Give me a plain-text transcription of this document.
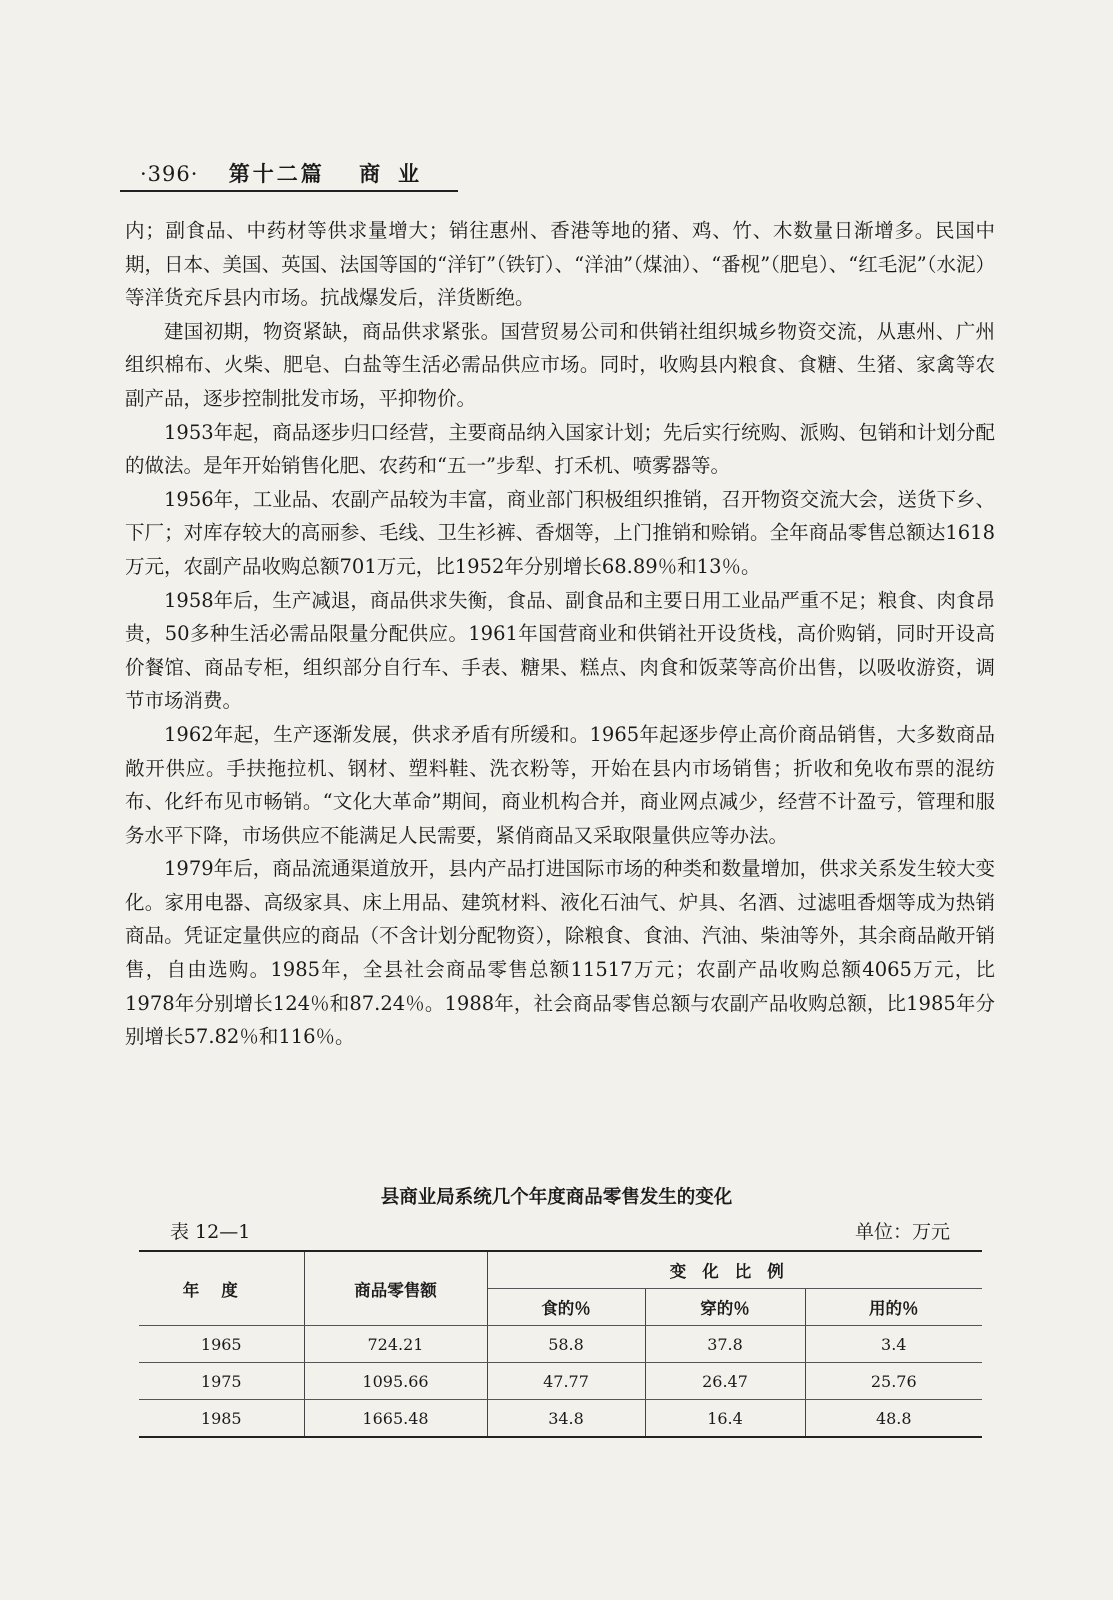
·396· 第十二篇 商业

内；副食品、中药材等供求量增大；销往惠州、香港等地的猪、鸡、竹、木数量日渐增多。民国中期，日本、美国、英国、法国等国的“洋钉”（铁钉）、“洋油”（煤油）、“番枧”（肥皂）、“红毛泥”（水泥）等洋货充斥县内市场。抗战爆发后，洋货断绝。

建国初期，物资紧缺，商品供求紧张。国营贸易公司和供销社组织城乡物资交流，从惠州、广州组织棉布、火柴、肥皂、白盐等生活必需品供应市场。同时，收购县内粮食、食糖、生猪、家禽等农副产品，逐步控制批发市场，平抑物价。

1953年起，商品逐步归口经营，主要商品纳入国家计划；先后实行统购、派购、包销和计划分配的做法。是年开始销售化肥、农药和“五一”步犁、打禾机、喷雾器等。

1956年，工业品、农副产品较为丰富，商业部门积极组织推销，召开物资交流大会，送货下乡、下厂；对库存较大的高丽参、毛线、卫生衫裤、香烟等，上门推销和赊销。全年商品零售总额达1618万元，农副产品收购总额701万元，比1952年分别增长68.89％和13％。

1958年后，生产减退，商品供求失衡，食品、副食品和主要日用工业品严重不足；粮食、肉食昂贵，50多种生活必需品限量分配供应。1961年国营商业和供销社开设货栈，高价购销，同时开设高价餐馆、商品专柜，组织部分自行车、手表、糖果、糕点、肉食和饭菜等高价出售，以吸收游资，调节市场消费。

1962年起，生产逐渐发展，供求矛盾有所缓和。1965年起逐步停止高价商品销售，大多数商品敞开供应。手扶拖拉机、钢材、塑料鞋、洗衣粉等，开始在县内市场销售；折收和免收布票的混纺布、化纤布见市畅销。“文化大革命”期间，商业机构合并，商业网点减少，经营不计盈亏，管理和服务水平下降，市场供应不能满足人民需要，紧俏商品又采取限量供应等办法。

1979年后，商品流通渠道放开，县内产品打进国际市场的种类和数量增加，供求关系发生较大变化。家用电器、高级家具、床上用品、建筑材料、液化石油气、炉具、名酒、过滤咀香烟等成为热销商品。凭证定量供应的商品（不含计划分配物资），除粮食、食油、汽油、柴油等外，其余商品敞开销售，自由选购。1985年，全县社会商品零售总额11517万元；农副产品收购总额4065万元，比1978年分别增长124％和87.24％。1988年，社会商品零售总额与农副产品收购总额，比1985年分别增长57.82％和116％。

县商业局系统几个年度商品零售发生的变化
表 12—1	单位：万元
年度	商品零售额	变化比例		
		食的％	穿的％	用的％
1965	724.21	58.8	37.8	3.4
1975	1095.66	47.77	26.47	25.76
1985	1665.48	34.8	16.4	48.8
